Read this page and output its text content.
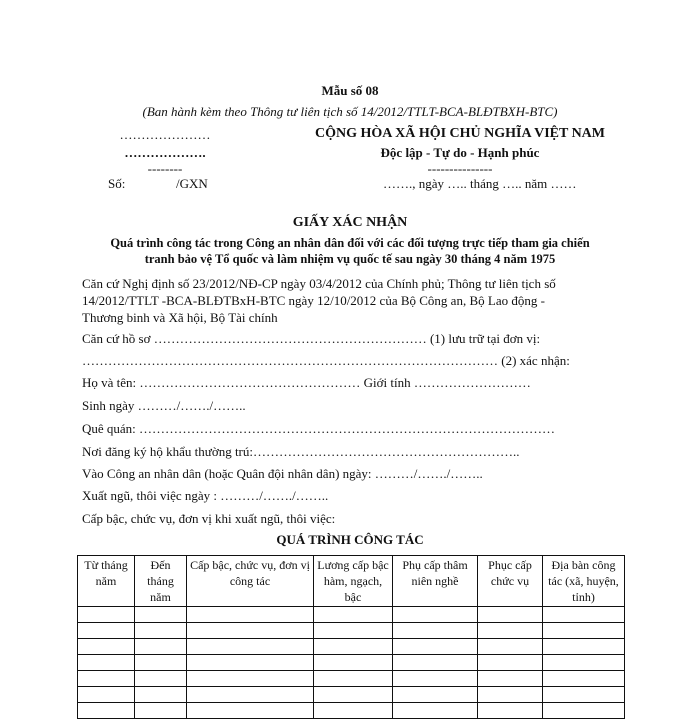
Mẫu số 08
(Ban hành kèm theo Thông tư liên tịch số 14/2012/TTLT-BCA-BLĐTBXH-BTC)
…………………
……………….
--------
Số:	/GXN
CỘNG HÒA XÃ HỘI CHỦ NGHĨA VIỆT NAM
Độc lập - Tự do - Hạnh phúc
---------------
……., ngày ….. tháng ….. năm ……
GIẤY XÁC NHẬN
Quá trình công tác trong Công an nhân dân đối với các đối tượng trực tiếp tham gia chiến
tranh bảo vệ Tổ quốc và làm nhiệm vụ quốc tế sau ngày 30 tháng 4 năm 1975
Căn cứ Nghị định số 23/2012/NĐ-CP ngày 03/4/2012 của Chính phủ; Thông tư liên tịch số
14/2012/TTLT -BCA-BLĐTBxH-BTC ngày 12/10/2012 của Bộ Công an, Bộ Lao động -
Thương binh và Xã hội, Bộ Tài chính
Căn cứ hồ sơ ……………………………………………………… (1) lưu trữ tại đơn vị:
…………………………………………………………………………………… (2) xác nhận:
Họ và tên: …………………………………………… Giới tính ………………………
Sinh ngày ………/……./……..
Quê quán: ……………………………………………………………………………………
Nơi đăng ký hộ khẩu thường trú:……………………………………………………..
Vào Công an nhân dân (hoặc Quân đội nhân dân) ngày: ………/……./……..
Xuất ngũ, thôi việc ngày : ………/……./……..
Cấp bậc, chức vụ, đơn vị khi xuất ngũ, thôi việc:
QUÁ TRÌNH CÔNG TÁC
Từ tháng năm	Đến tháng năm	Cấp bậc, chức vụ, đơn vị công tác	Lương cấp bậc hàm, ngạch, bậc	Phụ cấp thâm niên nghề	Phục cấp chức vụ	Địa bàn công tác (xã, huyện, tỉnh)
